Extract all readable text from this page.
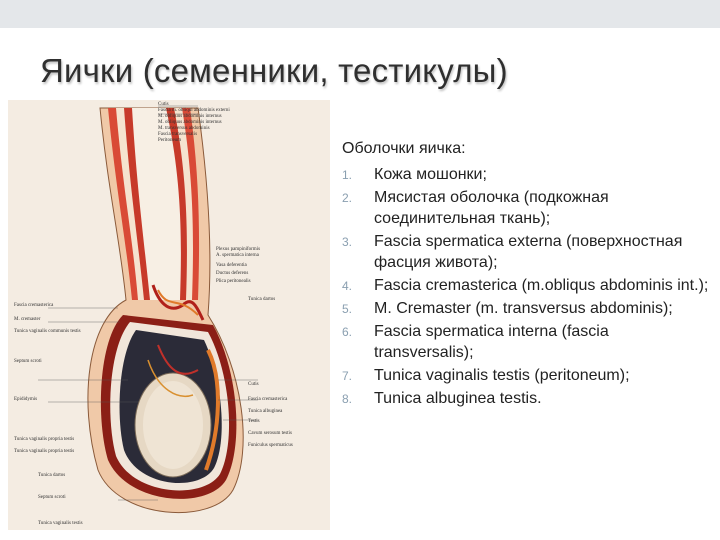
Яички (семенники, тестикулы)
Cutis
Fascia m. obliqui abdominis externi
M. obliquus abdominis internus
M. obliquus abdominis internus
M. transversus abdominis
Fascia transversalis
Peritoneum
Plexus pampiniformis
A. spermatica interna
Vasa deferentia
Ductus deferens
Plica peritonealis
Fascia cremasterica
M. cremaster
Tunica vaginalis communis testis
Septum scroti
Epididymis
Tunica vaginalis propria testis
Tunica vaginalis propria testis
Tunica dartos
Cutis
Fascia cremasterica
Tunica albuginea
Testis
Cavum serosum testis
Funiculus spermaticus
Tunica dartos
Septum scroti
Tunica vaginalis testis
Оболочки яичка:
1. Кожа мошонки;
2. Мясистая оболочка (подкожная соединительная ткань);
3. Fascia spermatica externa (поверхностная фасция живота);
4. Fascia cremasterica (m.obliqus abdominis int.);
5. M. Cremaster (m. transversus abdominis);
6. Fascia spermatica interna (fascia transversalis);
7. Tunica vaginalis testis (peritoneum);
8. Tunica albuginea testis.
